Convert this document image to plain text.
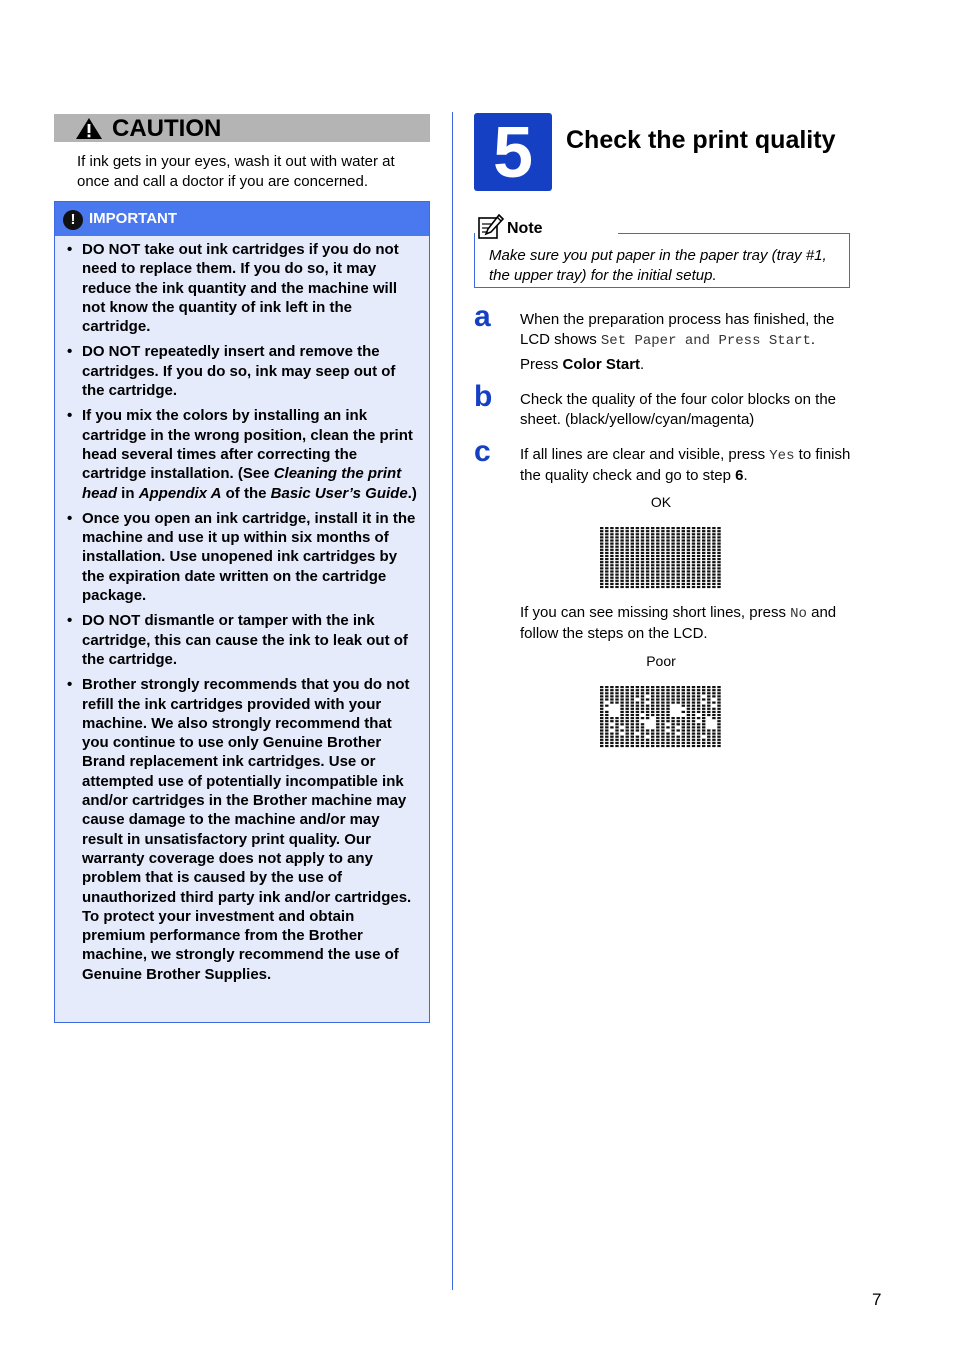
CAUTION
If ink gets in your eyes, wash it out with water at once and call a doctor if you are concerned.
! IMPORTANT
• DO NOT take out ink cartridges if you do not need to replace them. If you do so, it may reduce the ink quantity and the machine will not know the quantity of ink left in the cartridge.
• DO NOT repeatedly insert and remove the cartridges. If you do so, ink may seep out of the cartridge.
• If you mix the colors by installing an ink cartridge in the wrong position, clean the print head several times after correcting the cartridge installation. (See Cleaning the print head in Appendix A of the Basic User’s Guide.)
• Once you open an ink cartridge, install it in the machine and use it up within six months of installation. Use unopened ink cartridges by the expiration date written on the cartridge package.
• DO NOT dismantle or tamper with the ink cartridge, this can cause the ink to leak out of the cartridge.
• Brother strongly recommends that you do not refill the ink cartridges provided with your machine. We also strongly recommend that you continue to use only Genuine Brother Brand replacement ink cartridges. Use or attempted use of potentially incompatible ink and/or cartridges in the Brother machine may cause damage to the machine and/or may result in unsatisfactory print quality. Our warranty coverage does not apply to any problem that is caused by the use of unauthorized third party ink and/or cartridges. To protect your investment and obtain premium performance from the Brother machine, we strongly recommend the use of Genuine Brother Supplies.
5	Check the print quality
Note
Make sure you put paper in the paper tray (tray #1, the upper tray) for the initial setup.
a When the preparation process has finished, the LCD shows Set Paper and Press Start.
Press Color Start.
b Check the quality of the four color blocks on the sheet. (black/yellow/cyan/magenta)
c If all lines are clear and visible, press Yes to finish the quality check and go to step 6.
OK
If you can see missing short lines, press No and follow the steps on the LCD.
Poor
7
